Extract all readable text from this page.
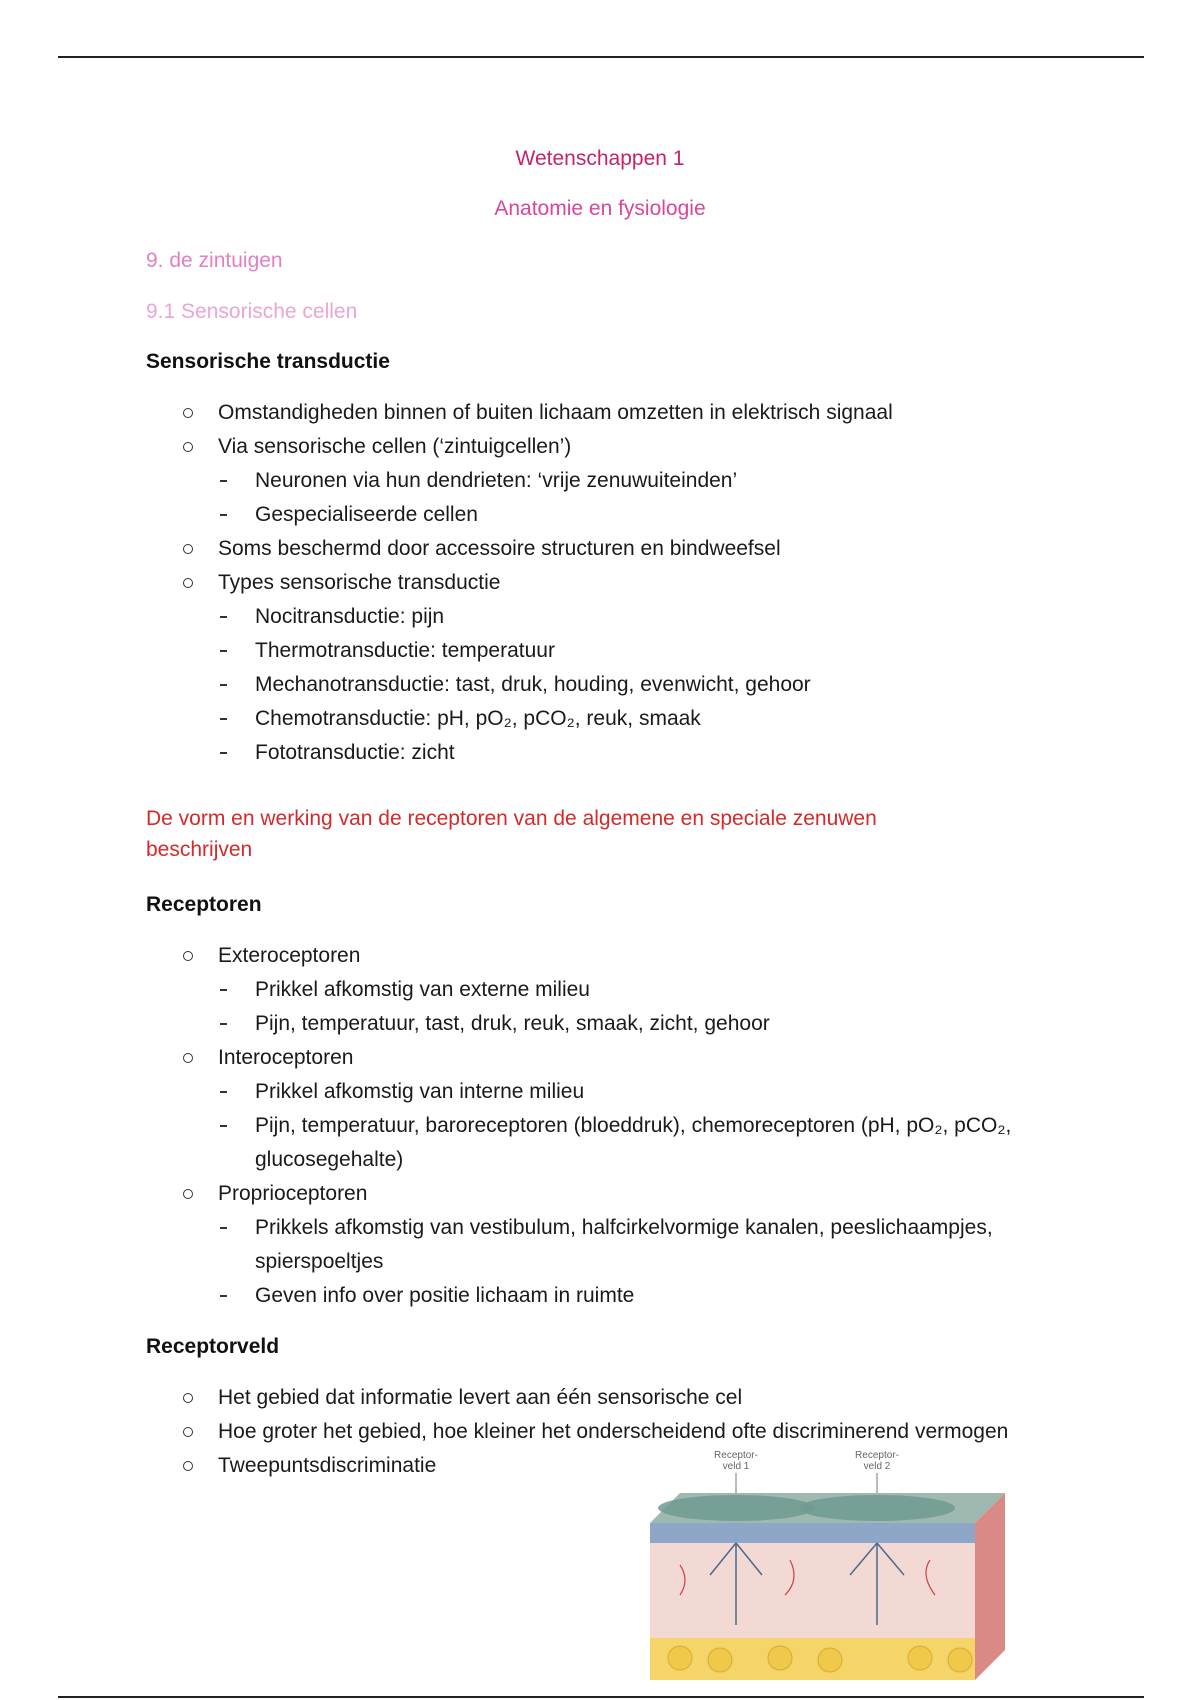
Wetenschappen 1
Anatomie en fysiologie
9. de zintuigen
9.1 Sensorische cellen
Sensorische transductie
Omstandigheden binnen of buiten lichaam omzetten in elektrisch signaal
Via sensorische cellen (‘zintuigcellen’)
Neuronen via hun dendrieten: ‘vrije zenuwuiteinden’
Gespecialiseerde cellen
Soms beschermd door accessoire structuren en bindweefsel
Types sensorische transductie
Nocitransductie: pijn
Thermotransductie: temperatuur
Mechanotransductie: tast, druk, houding, evenwicht, gehoor
Chemotransductie: pH, pO₂, pCO₂, reuk, smaak
Fototransductie: zicht
De vorm en werking van de receptoren van de algemene en speciale zenuwen beschrijven
Receptoren
Exteroceptoren
Prikkel afkomstig van externe milieu
Pijn, temperatuur, tast, druk, reuk, smaak, zicht, gehoor
Interoceptoren
Prikkel afkomstig van interne milieu
Pijn, temperatuur, baroreceptoren (bloeddruk), chemoreceptoren (pH, pO₂, pCO₂, glucosegehalte)
Proprioceptoren
Prikkels afkomstig van vestibulum, halfcirkelvormige kanalen, peeslichaampjes, spierspoeltjes
Geven info over positie lichaam in ruimte
Receptorveld
Het gebied dat informatie levert aan één sensorische cel
Hoe groter het gebied, hoe kleiner het onderscheidend ofte discriminerend vermogen
Tweepuntsdiscriminatie	Receptor-
veld 1
Receptor-
veld 2
